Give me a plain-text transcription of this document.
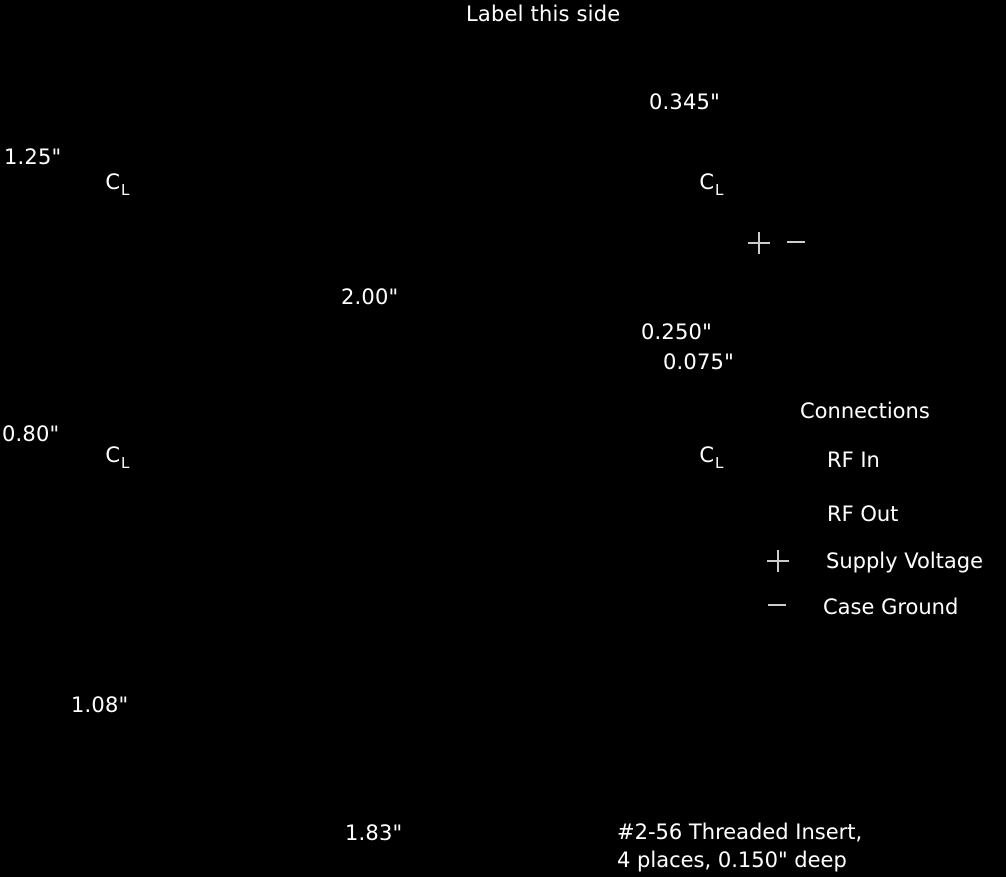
Label this side
1.25"
0.345"
2.00"
0.250"
0.075"
0.80"
1.08"
1.83"

$C_L$	$C_L$

$C_L$	$C_L$

Connections
RF In
RF Out
Supply Voltage
Case Ground
#2-56 Threaded Insert,
4 places, 0.150" deep
